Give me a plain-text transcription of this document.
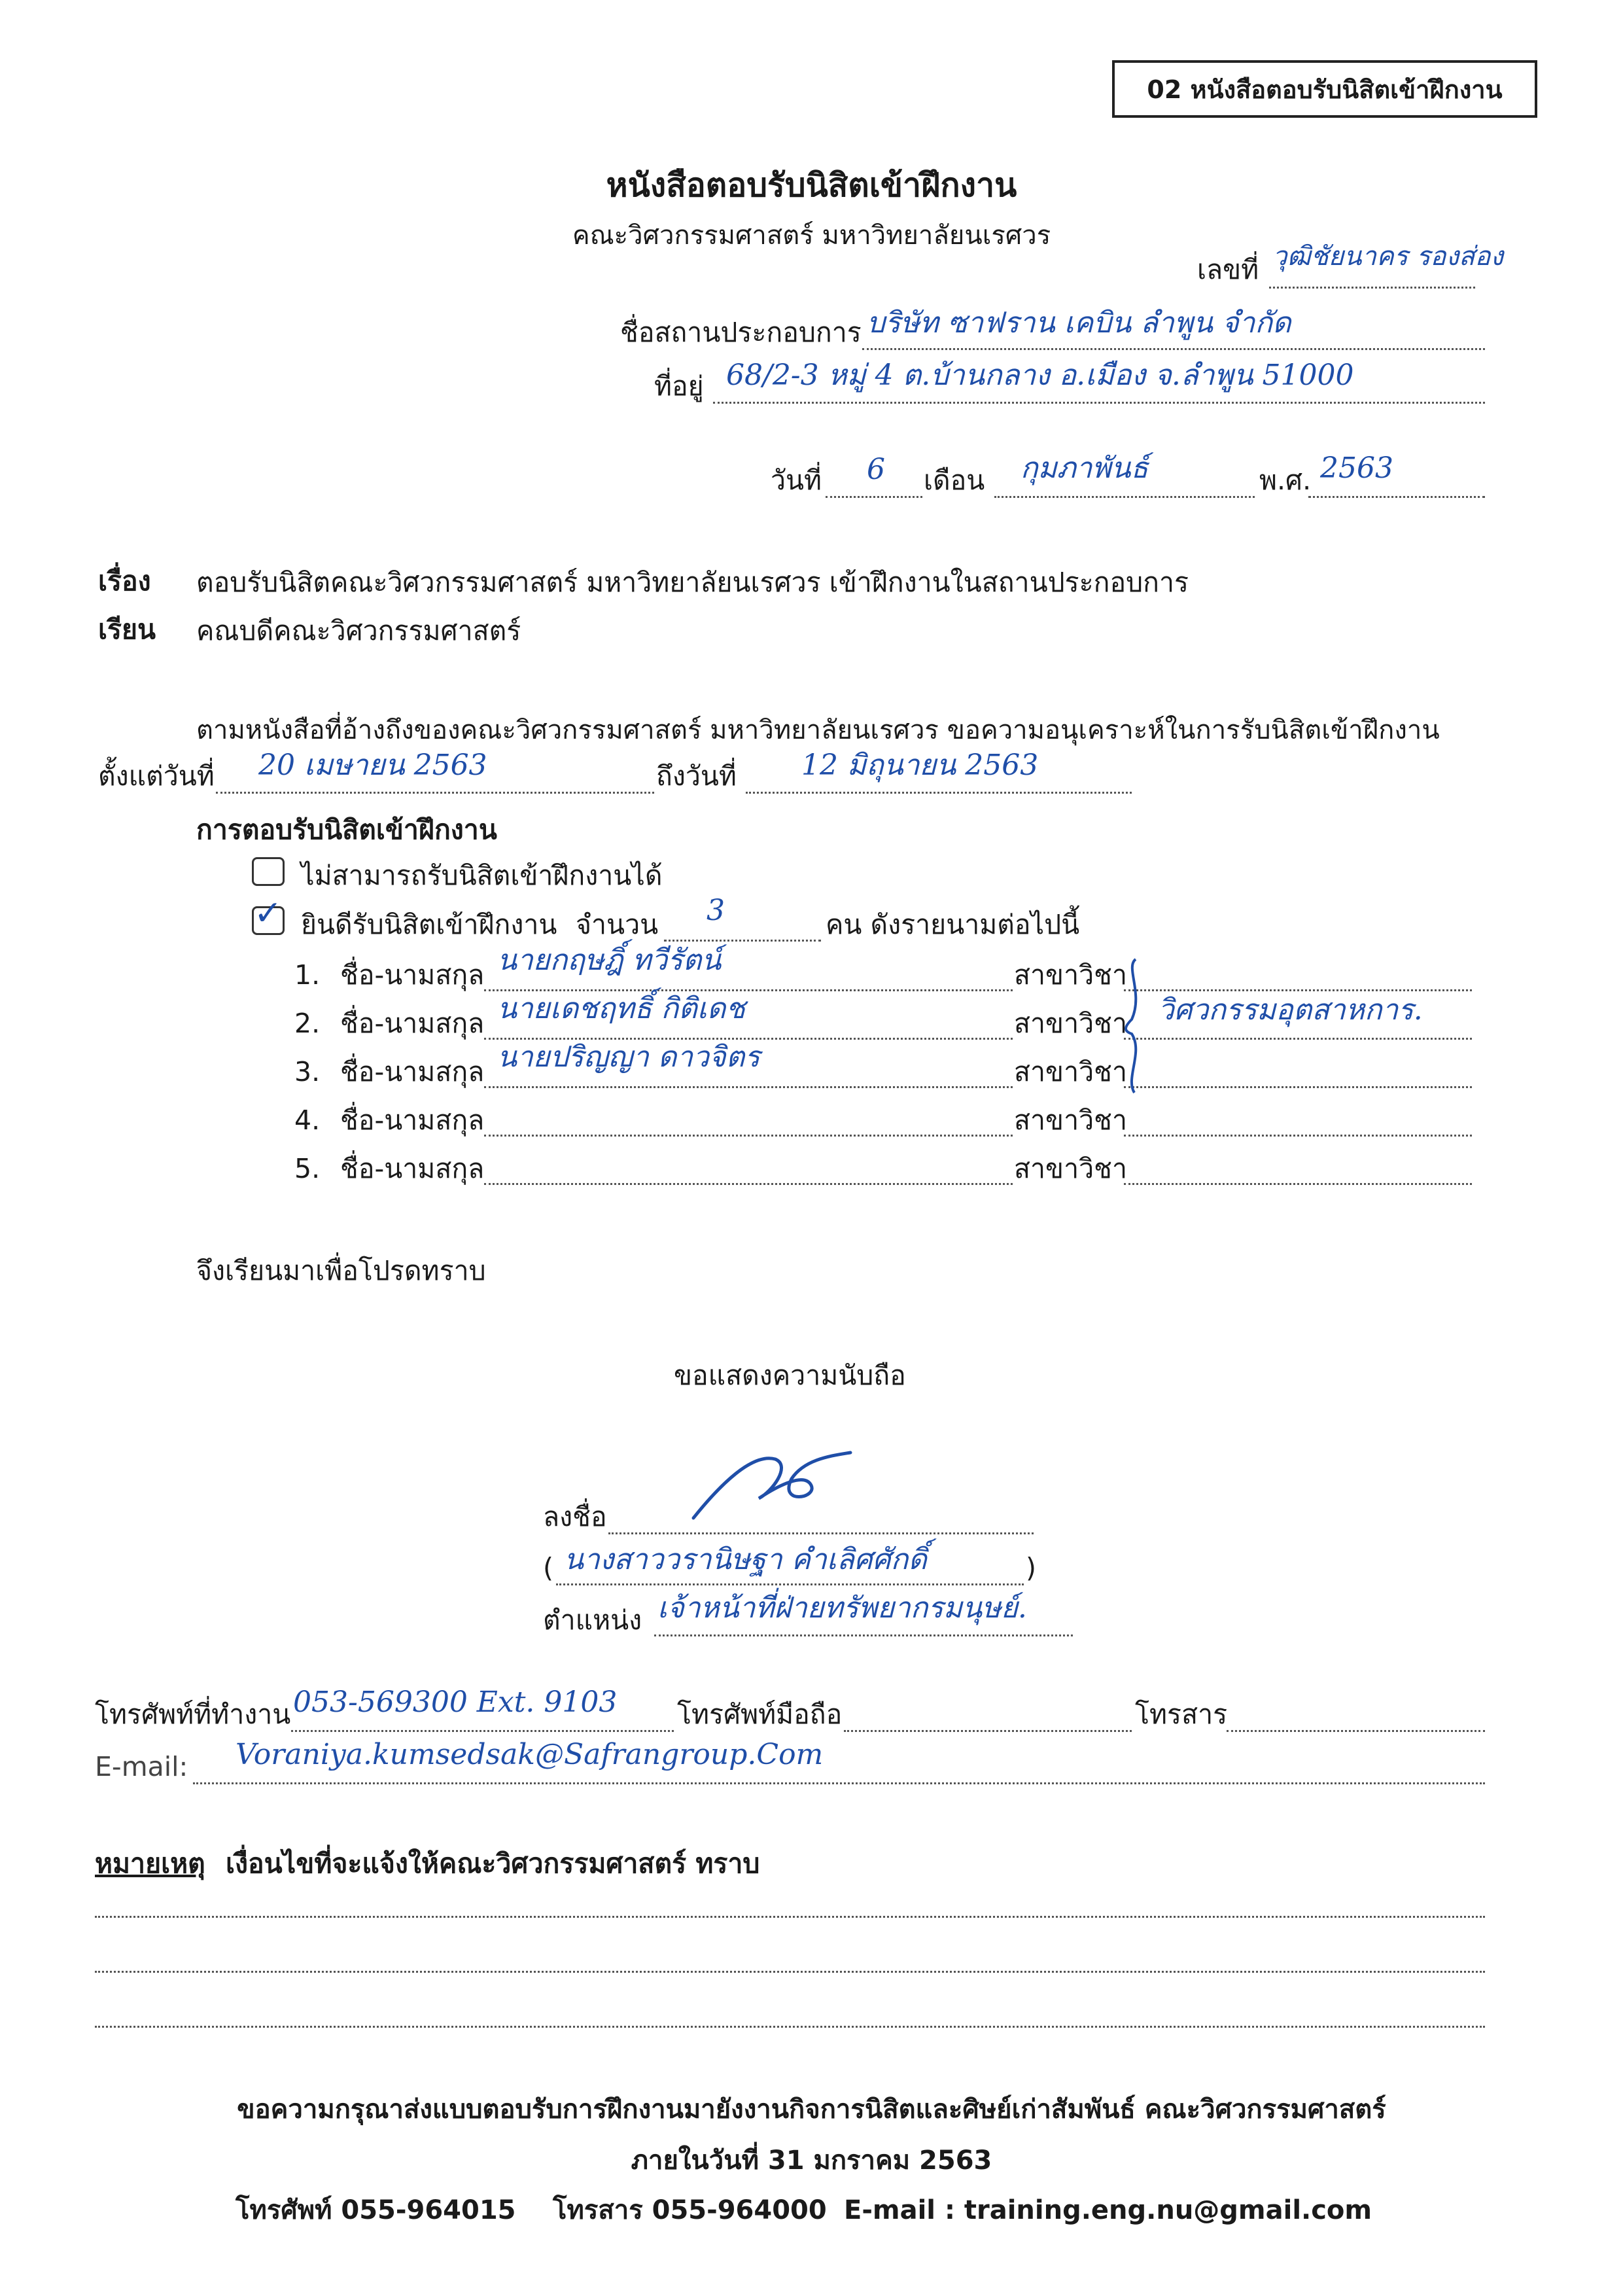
02 หนังสือตอบรับนิสิตเข้าฝึกงาน
หนังสือตอบรับนิสิตเข้าฝึกงาน
คณะวิศวกรรมศาสตร์ มหาวิทยาลัยนเรศวร
เลขที่ วุฒิชัยนาคร รองส่อง
ชื่อสถานประกอบการ บริษัท ซาฟราน เคบิน ลำพูน จำกัด
ที่อยู่ 68/2-3 หมู่ 4 ต.บ้านกลาง อ.เมือง จ.ลำพูน 51000
วันที่ 6 เดือน กุมภาพันธ์	พ.ศ. 2563
เรื่อง ตอบรับนิสิตคณะวิศวกรรมศาสตร์ มหาวิทยาลัยนเรศวร เข้าฝึกงานในสถานประกอบการ
เรียน คณบดีคณะวิศวกรรมศาสตร์
ตามหนังสือที่อ้างถึงของคณะวิศวกรรมศาสตร์ มหาวิทยาลัยนเรศวร ขอความอนุเคราะห์ในการรับนิสิตเข้าฝึกงาน
ตั้งแต่วันที่ 20 เมษายน 2563	ถึงวันที่ 12 มิถุนายน 2563
การตอบรับนิสิตเข้าฝึกงาน
ไม่สามารถรับนิสิตเข้าฝึกงานได้
✓ ยินดีรับนิสิตเข้าฝึกงาน จำนวน 3	คน ดังรายนามต่อไปนี้
1. ชื่อ-นามสกุล นายกฤษฎิ์ ทวีรัตน์	สาขาวิชา
2. ชื่อ-นามสกุล นายเดชฤทธิ์ กิติเดช	สาขาวิชา
3. ชื่อ-นามสกุล นายปริญญา ดาวจิตร	สาขาวิชา
4. ชื่อ-นามสกุล	สาขาวิชา
5. ชื่อ-นามสกุล	สาขาวิชา
วิศวกรรมอุตสาหการ.
จึงเรียนมาเพื่อโปรดทราบ
ขอแสดงความนับถือ
ลงชื่อ
( นางสาววรานิษฐา คำเลิศศักดิ์	)
ตำแหน่ง เจ้าหน้าที่ฝ่ายทรัพยากรมนุษย์.
โทรศัพท์ที่ทำงาน 053-569300 Ext. 9103 โทรศัพท์มือถือ	โทรสาร
E-mail: Voraniya.kumsedsak@Safrangroup.Com
หมายเหตุ เงื่อนไขที่จะแจ้งให้คณะวิศวกรรมศาสตร์ ทราบ
ขอความกรุณาส่งแบบตอบรับการฝึกงานมายังงานกิจการนิสิตและศิษย์เก่าสัมพันธ์ คณะวิศวกรรมศาสตร์
ภายในวันที่ 31 มกราคม 2563
โทรศัพท์ 055-964015 โทรสาร 055-964000 E-mail : training.eng.nu@gmail.com
